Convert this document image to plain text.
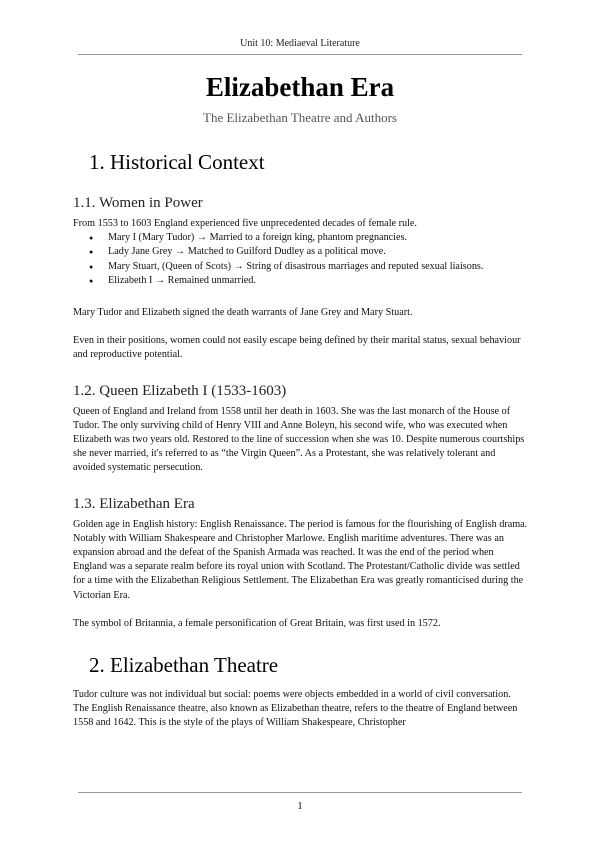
Unit 10: Mediaeval Literature
Elizabethan Era
The Elizabethan Theatre and Authors
1. Historical Context
1.1. Women in Power

From 1553 to 1603 England experienced five unprecedented decades of female rule.

● Mary I (Mary Tudor) → Married to a foreign king, phantom pregnancies.
● Lady Jane Grey → Matched to Guilford Dudley as a political move.
● Mary Stuart, (Queen of Scots) → String of disastrous marriages and reputed sexual liaisons.
● Elizabeth I → Remained unmarried.

Mary Tudor and Elizabeth signed the death warrants of Jane Grey and Mary Stuart.

Even in their positions, women could not easily escape being defined by their marital status, sexual behaviour and reproductive potential.

1.2. Queen Elizabeth I (1533-1603)

Queen of England and Ireland from 1558 until her death in 1603. She was the last monarch of the House of Tudor. The only surviving child of Henry VIII and Anne Boleyn, his second wife, who was executed when Elizabeth was two years old. Restored to the line of succession when she was 10. Despite numerous courtships she never married, it's referred to as “the Virgin Queen”. As a Protestant, she was relatively tolerant and avoided systematic persecution.

1.3. Elizabethan Era

Golden age in English history: English Renaissance. The period is famous for the flourishing of English drama. Notably with William Shakespeare and Christopher Marlowe. English maritime adventures. There was an expansion abroad and the defeat of the Spanish Armada was reached. It was the end of the period when England was a separate realm before its royal union with Scotland. The Protestant/Catholic divide was settled for a time with the Elizabethan Religious Settlement. The Elizabethan Era was greatly romanticised during the Victorian Era.

The symbol of Britannia, a female personification of Great Britain, was first used in 1572.

2. Elizabethan Theatre

Tudor culture was not individual but social: poems were objects embedded in a world of civil conversation. The English Renaissance theatre, also known as Elizabethan theatre, refers to the theatre of England between 1558 and 1642. This is the style of the plays of William Shakespeare, Christopher

1
